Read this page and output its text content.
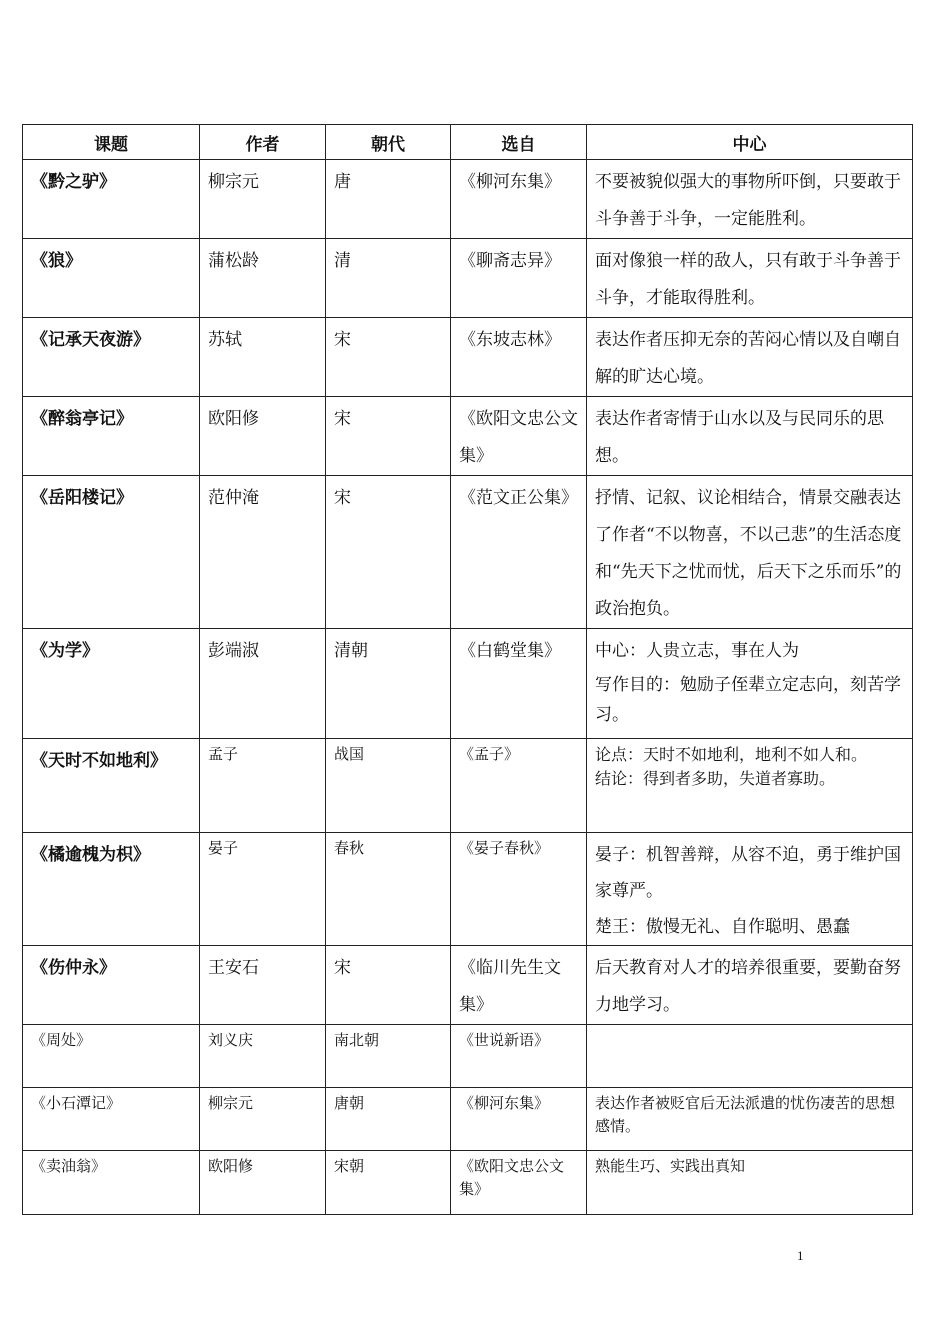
课题	作者	朝代	选自	中心
《黔之驴》	柳宗元	唐	《柳河东集》	不要被貌似强大的事物所吓倒，只要敢于斗争善于斗争，一定能胜利。

《狼》	蒲松龄	清	《聊斋志异》	面对像狼一样的敌人，只有敢于斗争善于斗争，才能取得胜利。

《记承天夜游》	苏轼	宋	《东坡志林》	表达作者压抑无奈的苦闷心情以及自嘲自解的旷达心境。

《醉翁亭记》	欧阳修	宋	《欧阳文忠公文集》	表达作者寄情于山水以及与民同乐的思想。

《岳阳楼记》	范仲淹	宋	《范文正公集》	抒情、记叙、议论相结合，情景交融表达了作者“不以物喜，不以己悲”的生活态度和“先天下之忧而忧，后天下之乐而乐”的政治抱负。

《为学》	彭端淑	清朝	《白鹤堂集》	中心：人贵立志，事在人为
写作目的：勉励子侄辈立定志向，刻苦学习。

《天时不如地利》	孟子	战国	《孟子》	论点：天时不如地利，地利不如人和。
结论：得到者多助，失道者寡助。

《橘逾槐为枳》	晏子	春秋	《晏子春秋》	晏子：机智善辩，从容不迫，勇于维护国家尊严。
楚王：傲慢无礼、自作聪明、愚蠢

《伤仲永》	王安石	宋	《临川先生文集》	后天教育对人才的培养很重要，要勤奋努力地学习。

《周处》	刘义庆	南北朝	《世说新语》	

《小石潭记》	柳宗元	唐朝	《柳河东集》	表达作者被贬官后无法派遣的忧伤凄苦的思想感情。

《卖油翁》	欧阳修	宋朝	《欧阳文忠公文集》	熟能生巧、实践出真知
1
